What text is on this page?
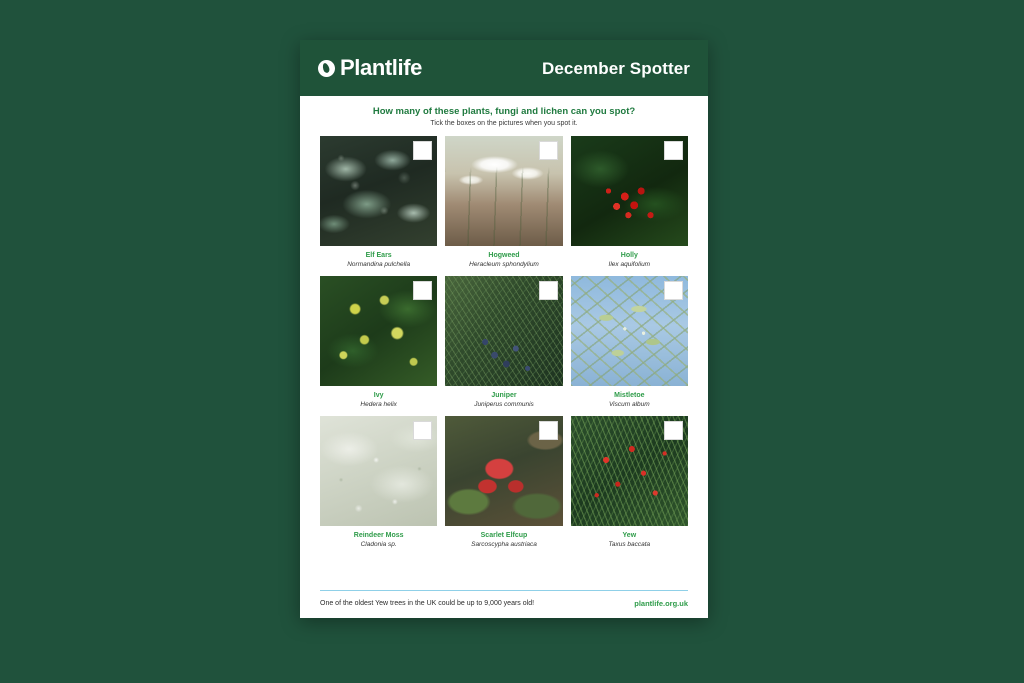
Plantlife	December Spotter
How many of these plants, fungi and lichen can you spot?
Tick the boxes on the pictures when you spot it.
Elf Ears
Normandina pulchella
Hogweed
Heracleum sphondylium
Holly
Ilex aquifolium
Ivy
Hedera helix
Juniper
Juniperus communis
Mistletoe
Viscum album
Reindeer Moss
Cladonia sp.
Scarlet Elfcup
Sarcoscypha austriaca
Yew
Taxus baccata
One of the oldest Yew trees in the UK could be up to 9,000 years old!	plantlife.org.uk
